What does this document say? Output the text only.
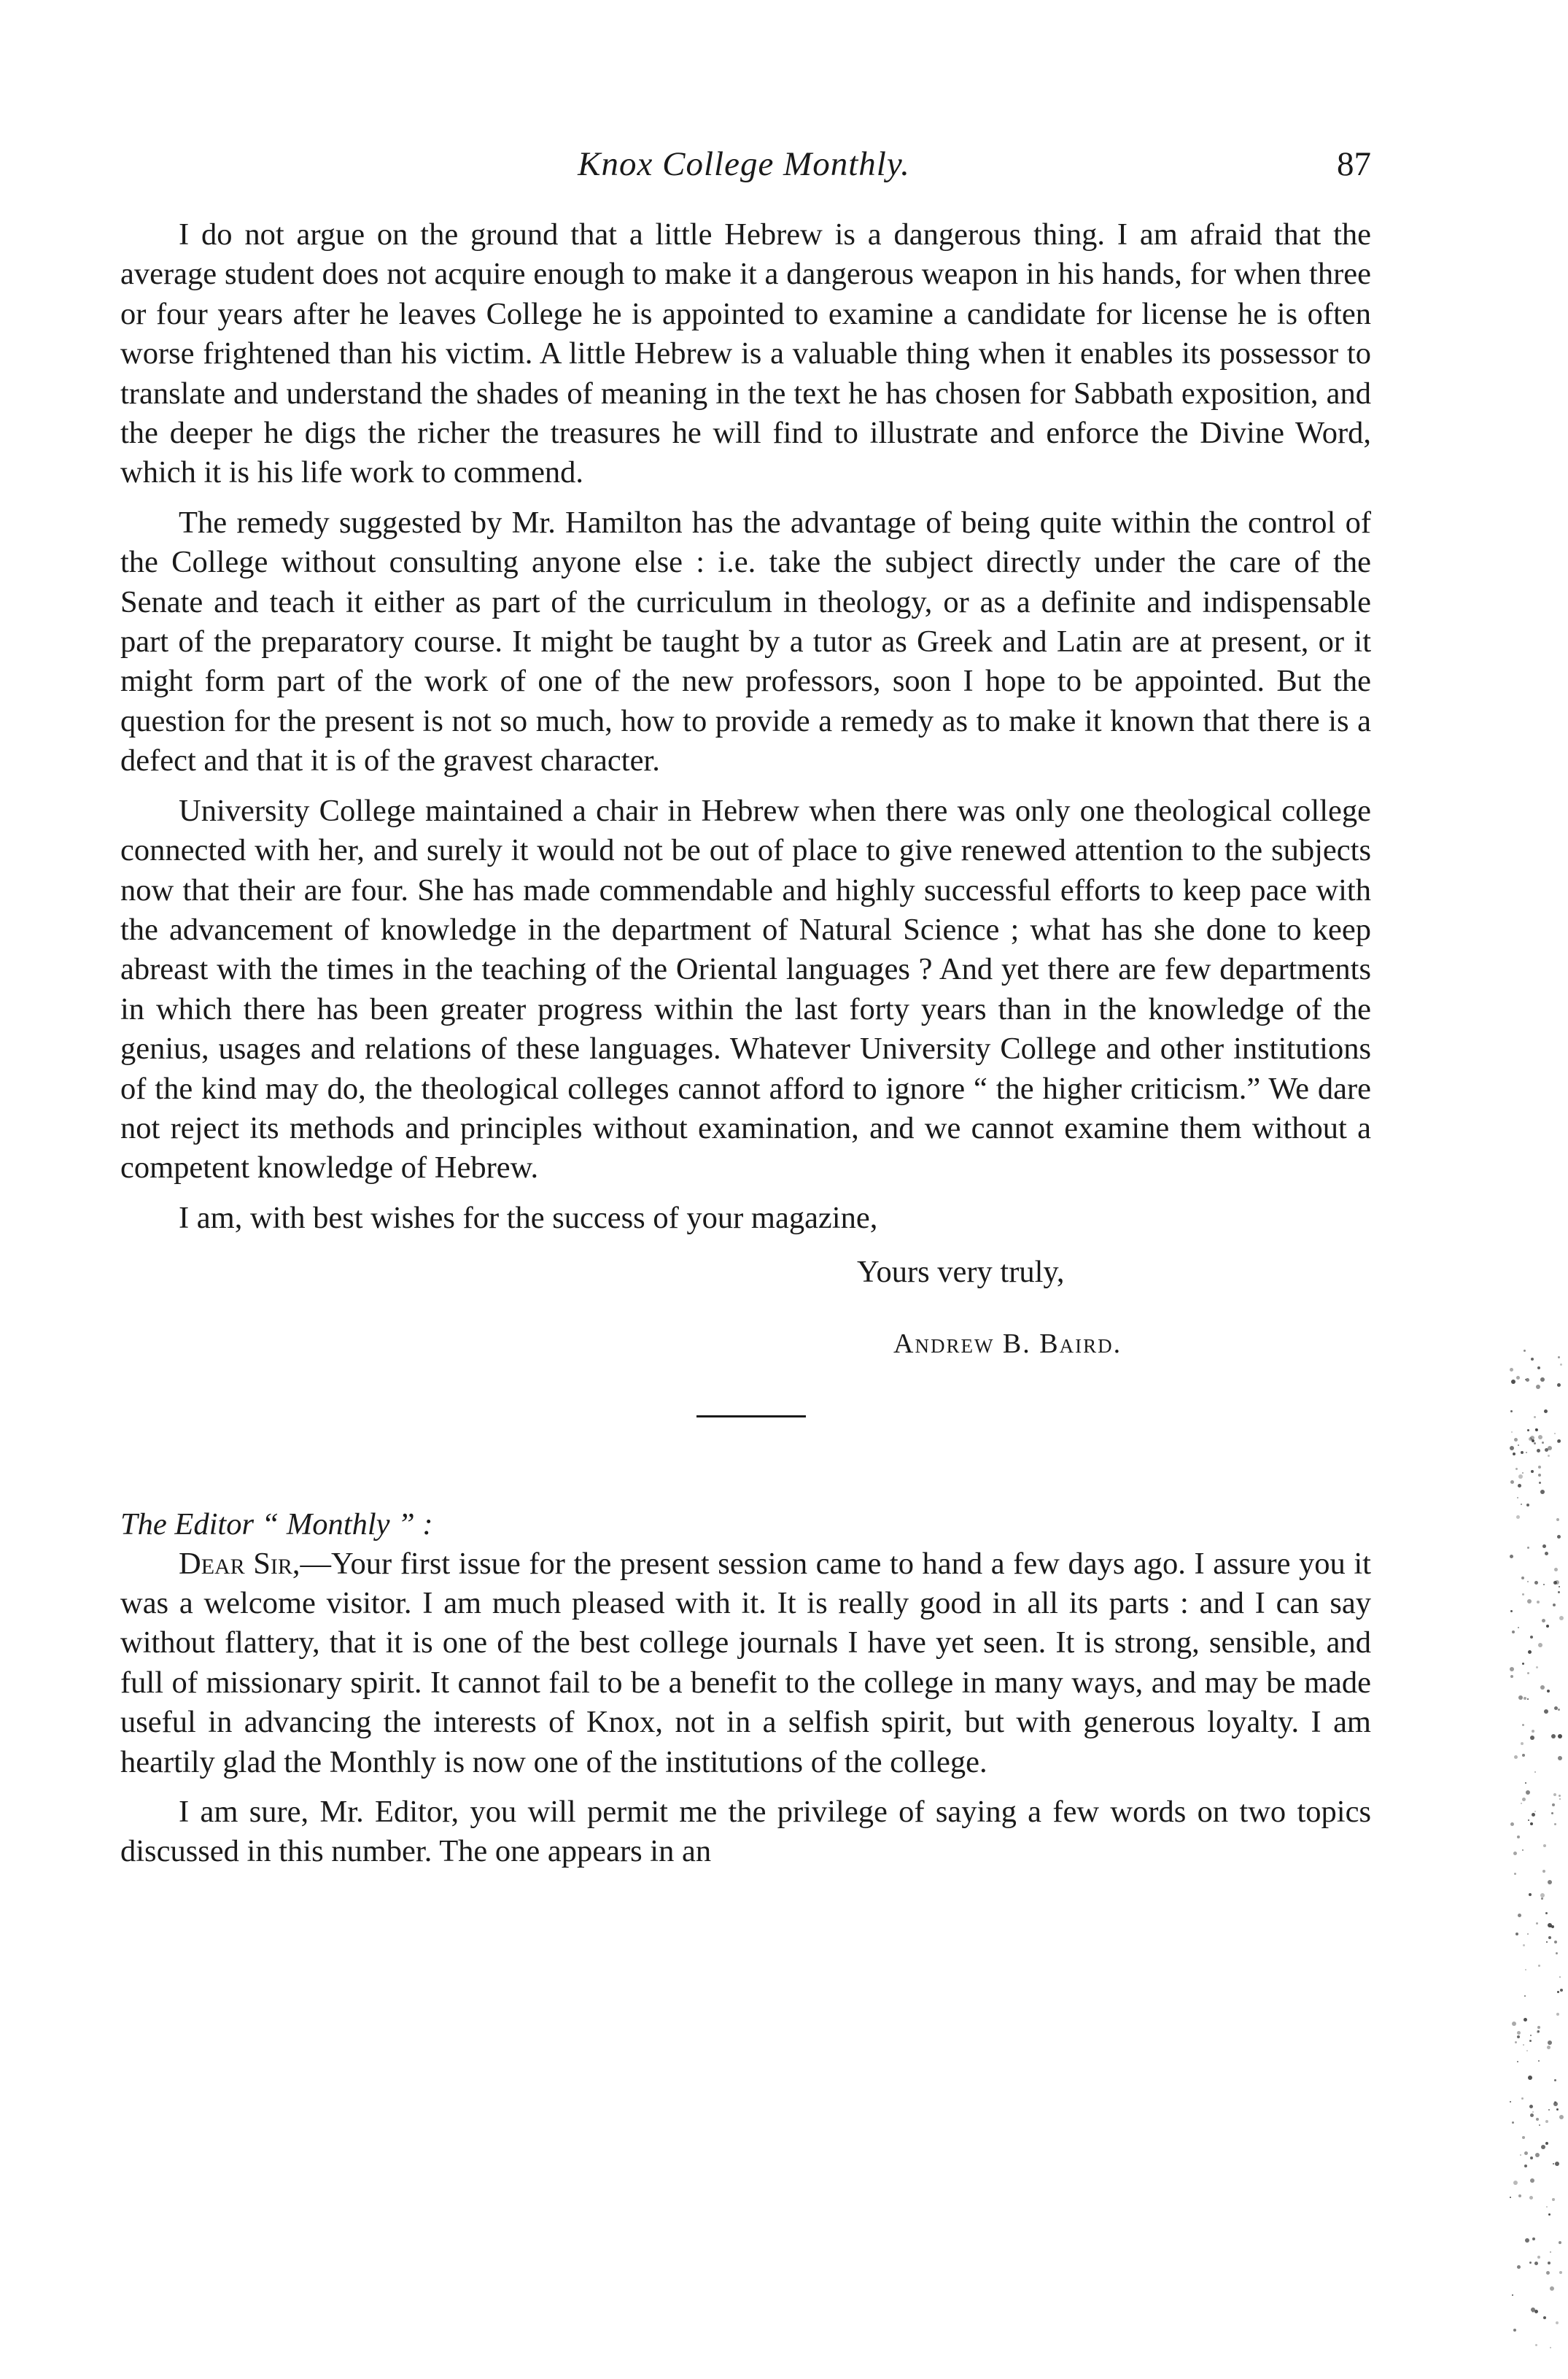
Knox College Monthly.	87

I do not argue on the ground that a little Hebrew is a dangerous thing. I am afraid that the average student does not acquire enough to make it a dangerous weapon in his hands, for when three or four years after he leaves College he is appointed to examine a candidate for license he is often worse frightened than his victim. A little Hebrew is a valuable thing when it enables its possessor to translate and understand the shades of meaning in the text he has chosen for Sabbath exposition, and the deeper he digs the richer the treasures he will find to illustrate and enforce the Divine Word, which it is his life work to commend.

The remedy suggested by Mr. Hamilton has the advantage of being quite within the control of the College without consulting anyone else : i.e. take the subject directly under the care of the Senate and teach it either as part of the curriculum in theology, or as a definite and indispensable part of the preparatory course. It might be taught by a tutor as Greek and Latin are at present, or it might form part of the work of one of the new professors, soon I hope to be appointed. But the question for the present is not so much, how to provide a remedy as to make it known that there is a defect and that it is of the gravest character.

University College maintained a chair in Hebrew when there was only one theological college connected with her, and surely it would not be out of place to give renewed attention to the subjects now that their are four. She has made commendable and highly successful efforts to keep pace with the advancement of knowledge in the department of Natural Science ; what has she done to keep abreast with the times in the teaching of the Oriental languages ? And yet there are few departments in which there has been greater progress within the last forty years than in the knowledge of the genius, usages and relations of these languages. Whatever University College and other institutions of the kind may do, the theological colleges cannot afford to ignore “ the higher criticism.” We dare not reject its methods and principles without examination, and we cannot examine them without a competent knowledge of Hebrew.

I am, with best wishes for the success of your magazine,

Yours very truly,
Andrew B. Baird.
The Editor “ Monthly ” :

Dear Sir,—Your first issue for the present session came to hand a few days ago. I assure you it was a welcome visitor. I am much pleased with it. It is really good in all its parts : and I can say without flattery, that it is one of the best college journals I have yet seen. It is strong, sensible, and full of missionary spirit. It cannot fail to be a benefit to the college in many ways, and may be made useful in advancing the interests of Knox, not in a selfish spirit, but with generous loyalty. I am heartily glad the Monthly is now one of the institutions of the college.

I am sure, Mr. Editor, you will permit me the privilege of saying a few words on two topics discussed in this number. The one appears in an
